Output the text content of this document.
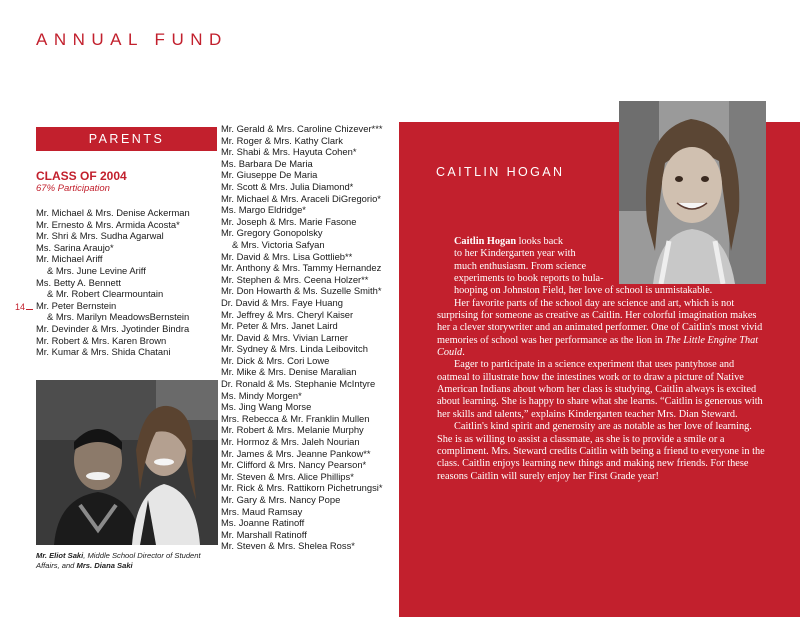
ANNUAL FUND
14
PARENTS
CLASS OF 2004
67% Participation
Mr. Michael & Mrs. Denise Ackerman
Mr. Ernesto & Mrs. Armida Acosta*
Mr. Shri & Mrs. Sudha Agarwal
Ms. Sarina Araujo*
Mr. Michael Ariff
& Mrs. June Levine Ariff
Ms. Betty A. Bennett
& Mr. Robert Clearmountain
Mr. Peter Bernstein
& Mrs. Marilyn MeadowsBernstein
Mr. Devinder & Mrs. Jyotinder Bindra
Mr. Robert & Mrs. Karen Brown
Mr. Kumar & Mrs. Shida Chatani
Mr. Gerald & Mrs. Caroline Chizever***
Mr. Roger & Mrs. Kathy Clark
Mr. Shabi & Mrs. Hayuta Cohen*
Ms. Barbara De Maria
Mr. Giuseppe De Maria
Mr. Scott & Mrs. Julia Diamond*
Mr. Michael & Mrs. Araceli DiGregorio*
Ms. Margo Eldridge*
Mr. Joseph & Mrs. Marie Fasone
Mr. Gregory Gonopolsky
& Mrs. Victoria Safyan
Mr. David & Mrs. Lisa Gottlieb**
Mr. Anthony & Mrs. Tammy Hernandez
Mr. Stephen & Mrs. Ceena Holzer**
Mr. Don Howarth & Ms. Suzelle Smith*
Dr. David & Mrs. Faye Huang
Mr. Jeffrey & Mrs. Cheryl Kaiser
Mr. Peter & Mrs. Janet Laird
Mr. David & Mrs. Vivian Larner
Mr. Sydney & Mrs. Linda Leibovitch
Mr. Dick & Mrs. Cori Lowe
Mr. Mike & Mrs. Denise Maralian
Dr. Ronald & Ms. Stephanie McIntyre
Ms. Mindy Morgen*
Ms. Jing Wang Morse
Mrs. Rebecca & Mr. Franklin Mullen
Mr. Robert & Mrs. Melanie Murphy
Mr. Hormoz & Mrs. Jaleh Nourian
Mr. James & Mrs. Jeanne Pankow**
Mr. Clifford & Mrs. Nancy Pearson*
Mr. Steven & Mrs. Alice Phillips*
Mr. Rick & Mrs. Rattikorn Pichetrungsi*
Mr. Gary & Mrs. Nancy Pope
Mrs. Maud Ramsay
Ms. Joanne Ratinoff
Mr. Marshall Ratinoff
Mr. Steven & Mrs. Shelea Ross*
Mr. Eliot Saki, Middle School Director of Student Affairs, and Mrs. Diana Saki
CAITLIN HOGAN

Caitlin Hogan looks back
to her Kindergarten year with
much enthusiasm. From science
experiments to book reports to hula-
hooping on Johnston Field, her love of school is unmistakable.

Her favorite parts of the school day are science and art, which is not surprising for someone as creative as Caitlin. Her colorful imagination makes her a clever storywriter and an animated performer. One of Caitlin's most vivid memories of school was her performance as the lion in The Little Engine That Could.

Eager to participate in a science experiment that uses pantyhose and oatmeal to illustrate how the intestines work or to draw a picture of Native American Indians about whom her class is studying, Caitlin always is excited about learning. She is happy to share what she learns. “Caitlin is generous with her skills and talents,” explains Kindergarten teacher Mrs. Dian Steward.

Caitlin's kind spirit and generosity are as notable as her love of learning. She is as willing to assist a classmate, as she is to provide a smile or a compliment. Mrs. Steward credits Caitlin with being a friend to everyone in the class. Caitlin enjoys learning new things and making new friends. For these reasons Caitlin will surely enjoy her First Grade year!
